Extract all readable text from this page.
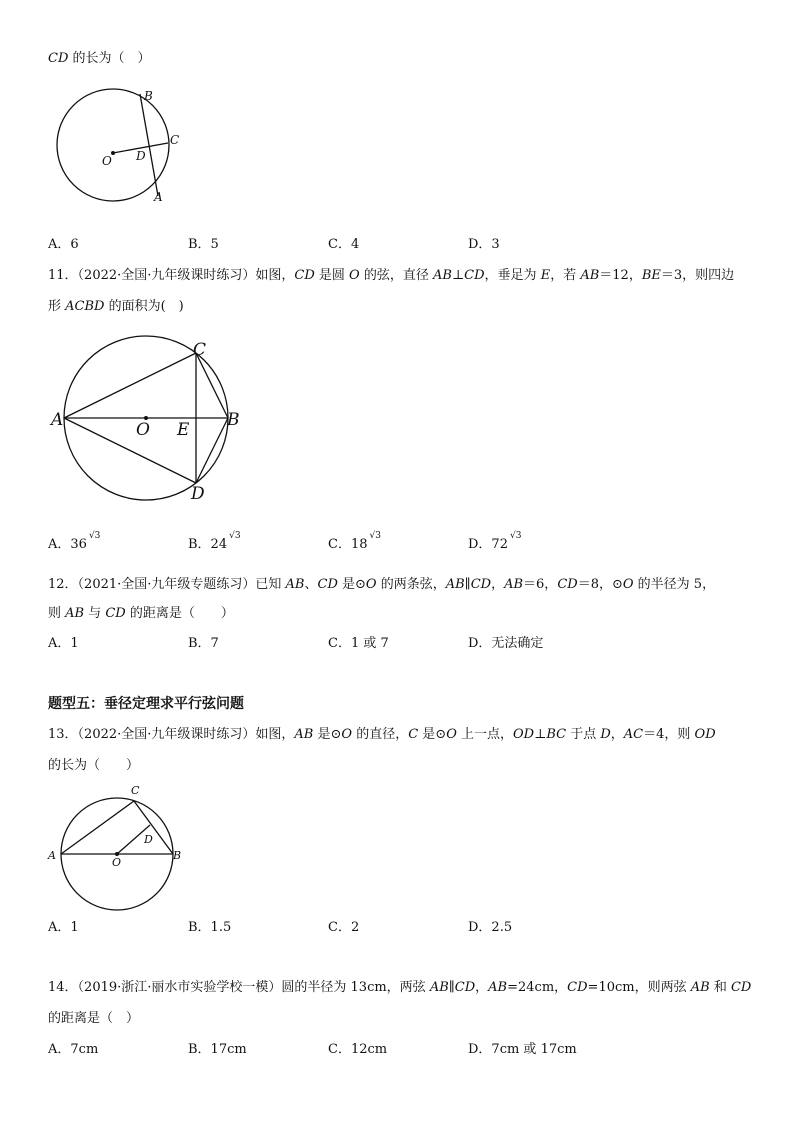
CD 的长为（　）
B
C
D
O
A
A．6	B．5	C．4	D．3
11．（2022·全国·九年级课时练习）如图，CD 是圆 O 的弦，直径 AB⊥CD，垂足为 E，若 AB＝12，BE＝3，则四边
形 ACBD 的面积为(　)
C
A	O E B
D
A．$36^{√3}$
B．$24^{√3}$
C．$18^{√3}$
D．$72^{√3}$
12．（2021·全国·九年级专题练习）已知 AB、CD 是⊙O 的两条弦，AB∥CD，AB＝6，CD＝8，⊙O 的半径为 5，
则 AB 与 CD 的距离是（　　）
A．1	B．7	C．1 或 7	D．无法确定
题型五：垂径定理求平行弦问题
13．（2022·全国·九年级课时练习）如图，AB 是⊙O 的直径，C 是⊙O 上一点，OD⊥BC 于点 D，AC＝4，则 OD
的长为（　　）
C
D
A
O
B
A．1	B．1.5	C．2	D．2.5
14．（2019·浙江·丽水市实验学校一模）圆的半径为 13cm，两弦 AB∥CD，AB=24cm，CD=10cm，则两弦 AB 和 CD
的距离是（　）
A．7cm	B．17cm	C．12cm	D．7cm 或 17cm
